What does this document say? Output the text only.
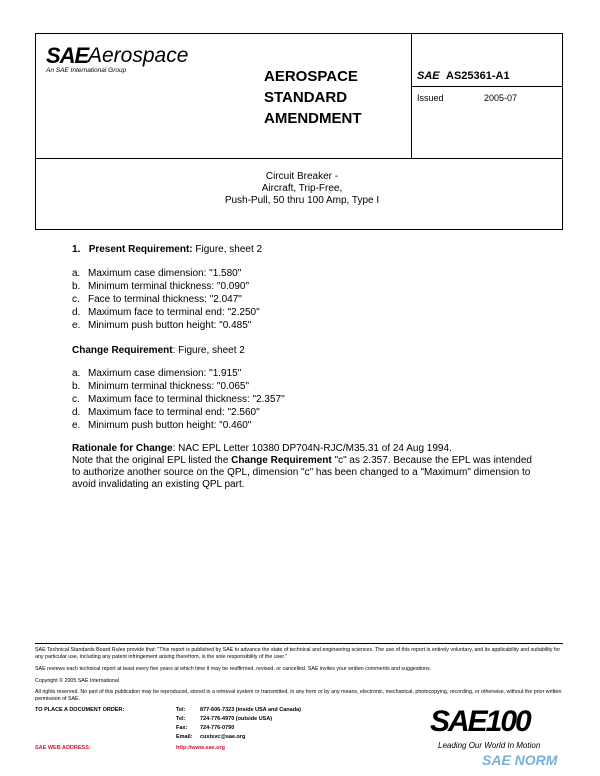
SAE Aerospace
An SAE International Group	AEROSPACE
STANDARD
AMENDMENT
SAE AS25361-A1
Issued	2005-07
Circuit Breaker -
Aircraft, Trip-Free,
Push-Pull, 50 thru 100 Amp, Type I
1. Present Requirement: Figure, sheet 2
a. Maximum case dimension: "1.580"
b. Minimum terminal thickness: "0.090"
c. Face to terminal thickness: "2.047"
d. Maximum face to terminal end: "2.250"
e. Minimum push button height: "0.485"
Change Requirement: Figure, sheet 2
a. Maximum case dimension: "1.915"
b. Minimum terminal thickness: "0.065"
c. Maximum face to terminal thickness: "2.357"
d. Maximum face to terminal end: "2.560"
e. Minimum push button height: "0.460"
Rationale for Change: NAC EPL Letter 10380 DP704N-RJC/M35.31 of 24 Aug 1994.
Note that the original EPL listed the Change Requirement "c" as 2.357. Because the EPL was intended to authorize another source on the QPL, dimension "c" has been changed to a "Maximum" dimension to avoid invalidating an existing QPL part.
SAE Technical Standards Board Rules provide that: "This report is published by SAE to advance the state of technical and engineering sciences. The use of this report is entirely voluntary, and its applicability and suitability for any particular use, including any patent infringement arising therefrom, is the sole responsibility of the user."
SAE reviews each technical report at least every five years at which time it may be reaffirmed, revised, or cancelled. SAE invites your written comments and suggestions.
Copyright © 2005 SAE International
All rights reserved. No part of this publication may be reproduced, stored in a retrieval system or transmitted, in any form or by any means, electronic, mechanical, photocopying, recording, or otherwise, without the prior written permission of SAE.
TO PLACE A DOCUMENT ORDER:	Tel:	877-606-7323 (inside USA and Canada)
Tel:	724-776-4970 (outside USA)
Fax: 724-776-0790
Email: custsvc@sae.org
SAE WEB ADDRESS:	http://www.sae.org
SAE100
Leading Our World In Motion
SAE NORM
